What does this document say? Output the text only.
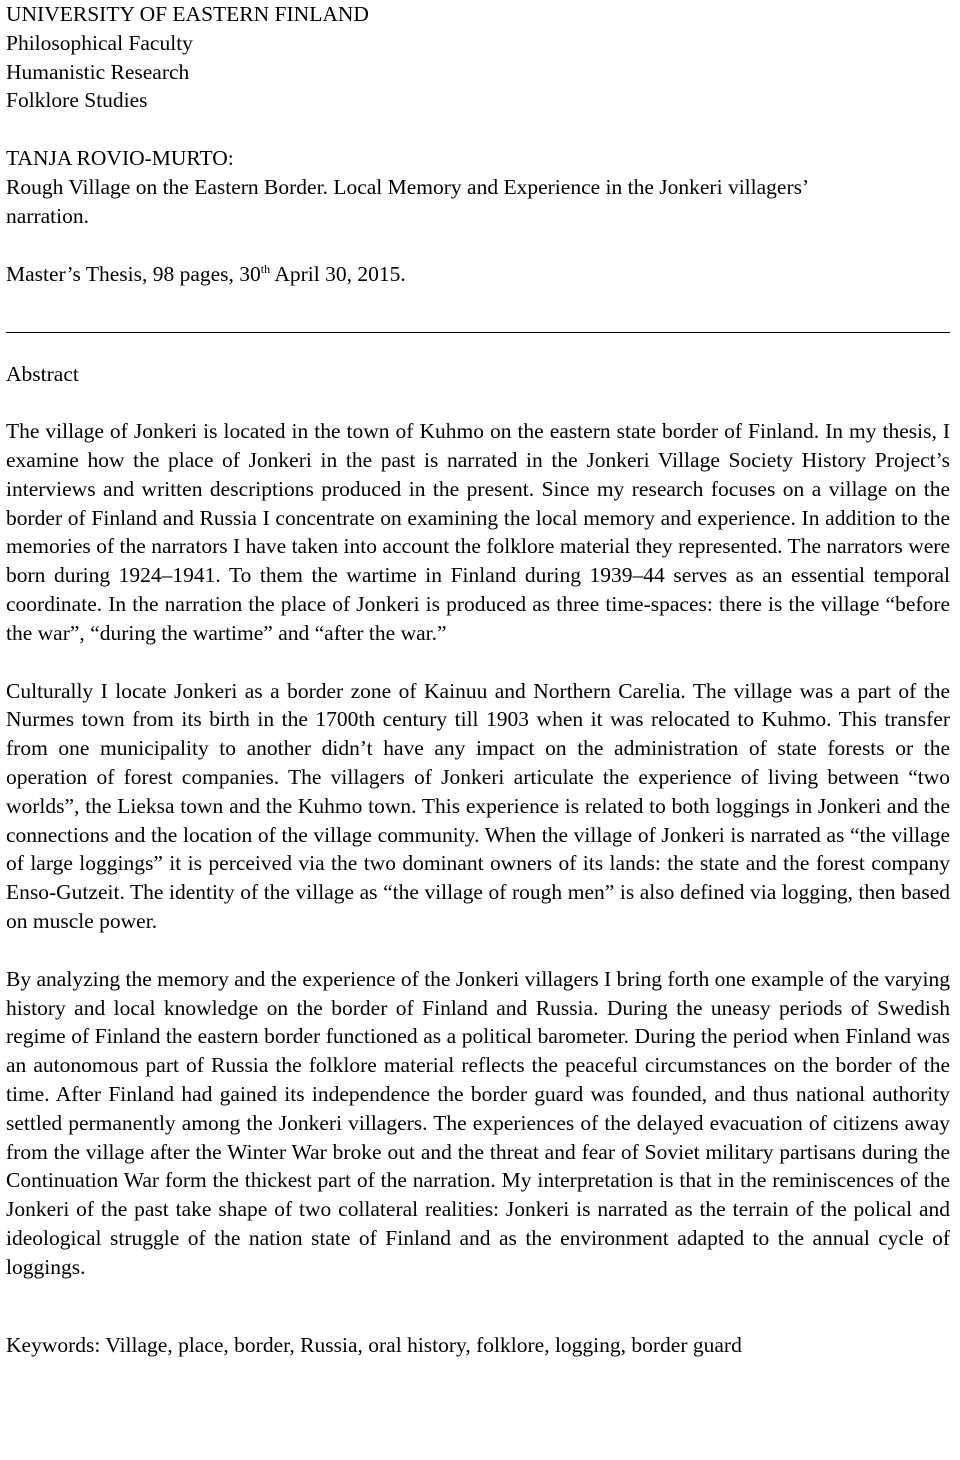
UNIVERSITY OF EASTERN FINLAND

Philosophical Faculty

Humanistic Research

Folklore Studies

TANJA ROVIO-MURTO:

Rough Village on the Eastern Border. Local Memory and Experience in the Jonkeri villagers’

narration.

Master’s Thesis, 98 pages, 30th April 30, 2015.

Abstract

The village of Jonkeri is located in the town of Kuhmo on the eastern state border of Finland. In my thesis, I examine how the place of Jonkeri in the past is narrated in the Jonkeri Village Society History Project’s interviews and written descriptions produced in the present. Since my research focuses on a village on the border of Finland and Russia I concentrate on examining the local memory and experience. In addition to the memories of the narrators I have taken into account the folklore material they represented. The narrators were born during 1924–1941. To them the wartime in Finland during 1939–44 serves as an essential temporal coordinate. In the narration the place of Jonkeri is produced as three time-spaces: there is the village “before the war”, “during the wartime” and “after the war.”

Culturally I locate Jonkeri as a border zone of Kainuu and Northern Carelia. The village was a part of the Nurmes town from its birth in the 1700th century till 1903 when it was relocated to Kuhmo. This transfer from one municipality to another didn’t have any impact on the administration of state forests or the operation of forest companies. The villagers of Jonkeri articulate the experience of living between “two worlds”, the Lieksa town and the Kuhmo town. This experience is related to both loggings in Jonkeri and the connections and the location of the village community. When the village of Jonkeri is narrated as “the village of large loggings” it is perceived via the two dominant owners of its lands: the state and the forest company Enso-Gutzeit. The identity of the village as “the village of rough men” is also defined via logging, then based on muscle power.

By analyzing the memory and the experience of the Jonkeri villagers I bring forth one example of the varying history and local knowledge on the border of Finland and Russia. During the uneasy periods of Swedish regime of Finland the eastern border functioned as a political barometer. During the period when Finland was an autonomous part of Russia the folklore material reflects the peaceful circumstances on the border of the time. After Finland had gained its independence the border guard was founded, and thus national authority settled permanently among the Jonkeri villagers. The experiences of the delayed evacuation of citizens away from the village after the Winter War broke out and the threat and fear of Soviet military partisans during the Continuation War form the thickest part of the narration. My interpretation is that in the reminiscences of the Jonkeri of the past take shape of two collateral realities: Jonkeri is narrated as the terrain of the polical and ideological struggle of the nation state of Finland and as the environment adapted to the annual cycle of loggings.

Keywords: Village, place, border, Russia, oral history, folklore, logging, border guard
